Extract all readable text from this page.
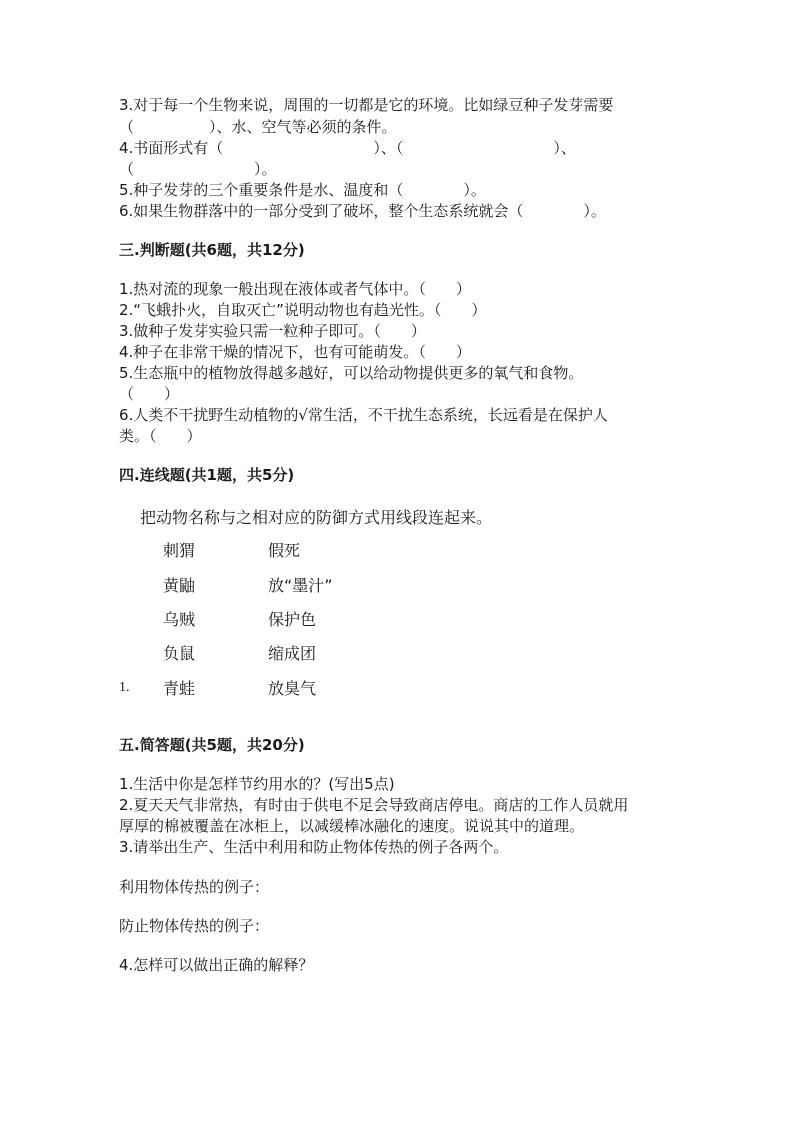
3.对于每一个生物来说，周围的一切都是它的环境。比如绿豆种子发芽需要

（　　　　　）、水、空气等必须的条件。

4.书面形式有（　　　　　　　　　　）、（　　　　　　　　　　）、

（　　　　　　　　）。

5.种子发芽的三个重要条件是水、温度和（　　　　）。

6.如果生物群落中的一部分受到了破坏，整个生态系统就会（　　　　）。

三.判断题(共6题，共12分)

1.热对流的现象一般出现在液体或者气体中。（　　）

2.“飞蛾扑火，自取灭亡”说明动物也有趋光性。（　　）

3.做种子发芽实验只需一粒种子即可。（　　）

4.种子在非常干燥的情况下，也有可能萌发。（　　）

5.生态瓶中的植物放得越多越好，可以给动物提供更多的氧气和食物。

（　　）

6.人类不干扰野生动植物的√常生活，不干扰生态系统，长远看是在保护人

类。（　　）

四.连线题(共1题，共5分)

把动物名称与之相对应的防御方式用线段连起来。
刺猬	假死
黄鼬	放“墨汁”
乌贼	保护色
负鼠	缩成团
1. 青蛙	放臭气

五.简答题(共5题，共20分)

1.生活中你是怎样节约用水的？(写出5点)

2.夏天天气非常热，有时由于供电不足会导致商店停电。商店的工作人员就用

厚厚的棉被覆盖在冰柜上，以减缓棒冰融化的速度。说说其中的道理。

3.请举出生产、生活中利用和防止物体传热的例子各两个。

利用物体传热的例子：

防止物体传热的例子：

4.怎样可以做出正确的解释？
